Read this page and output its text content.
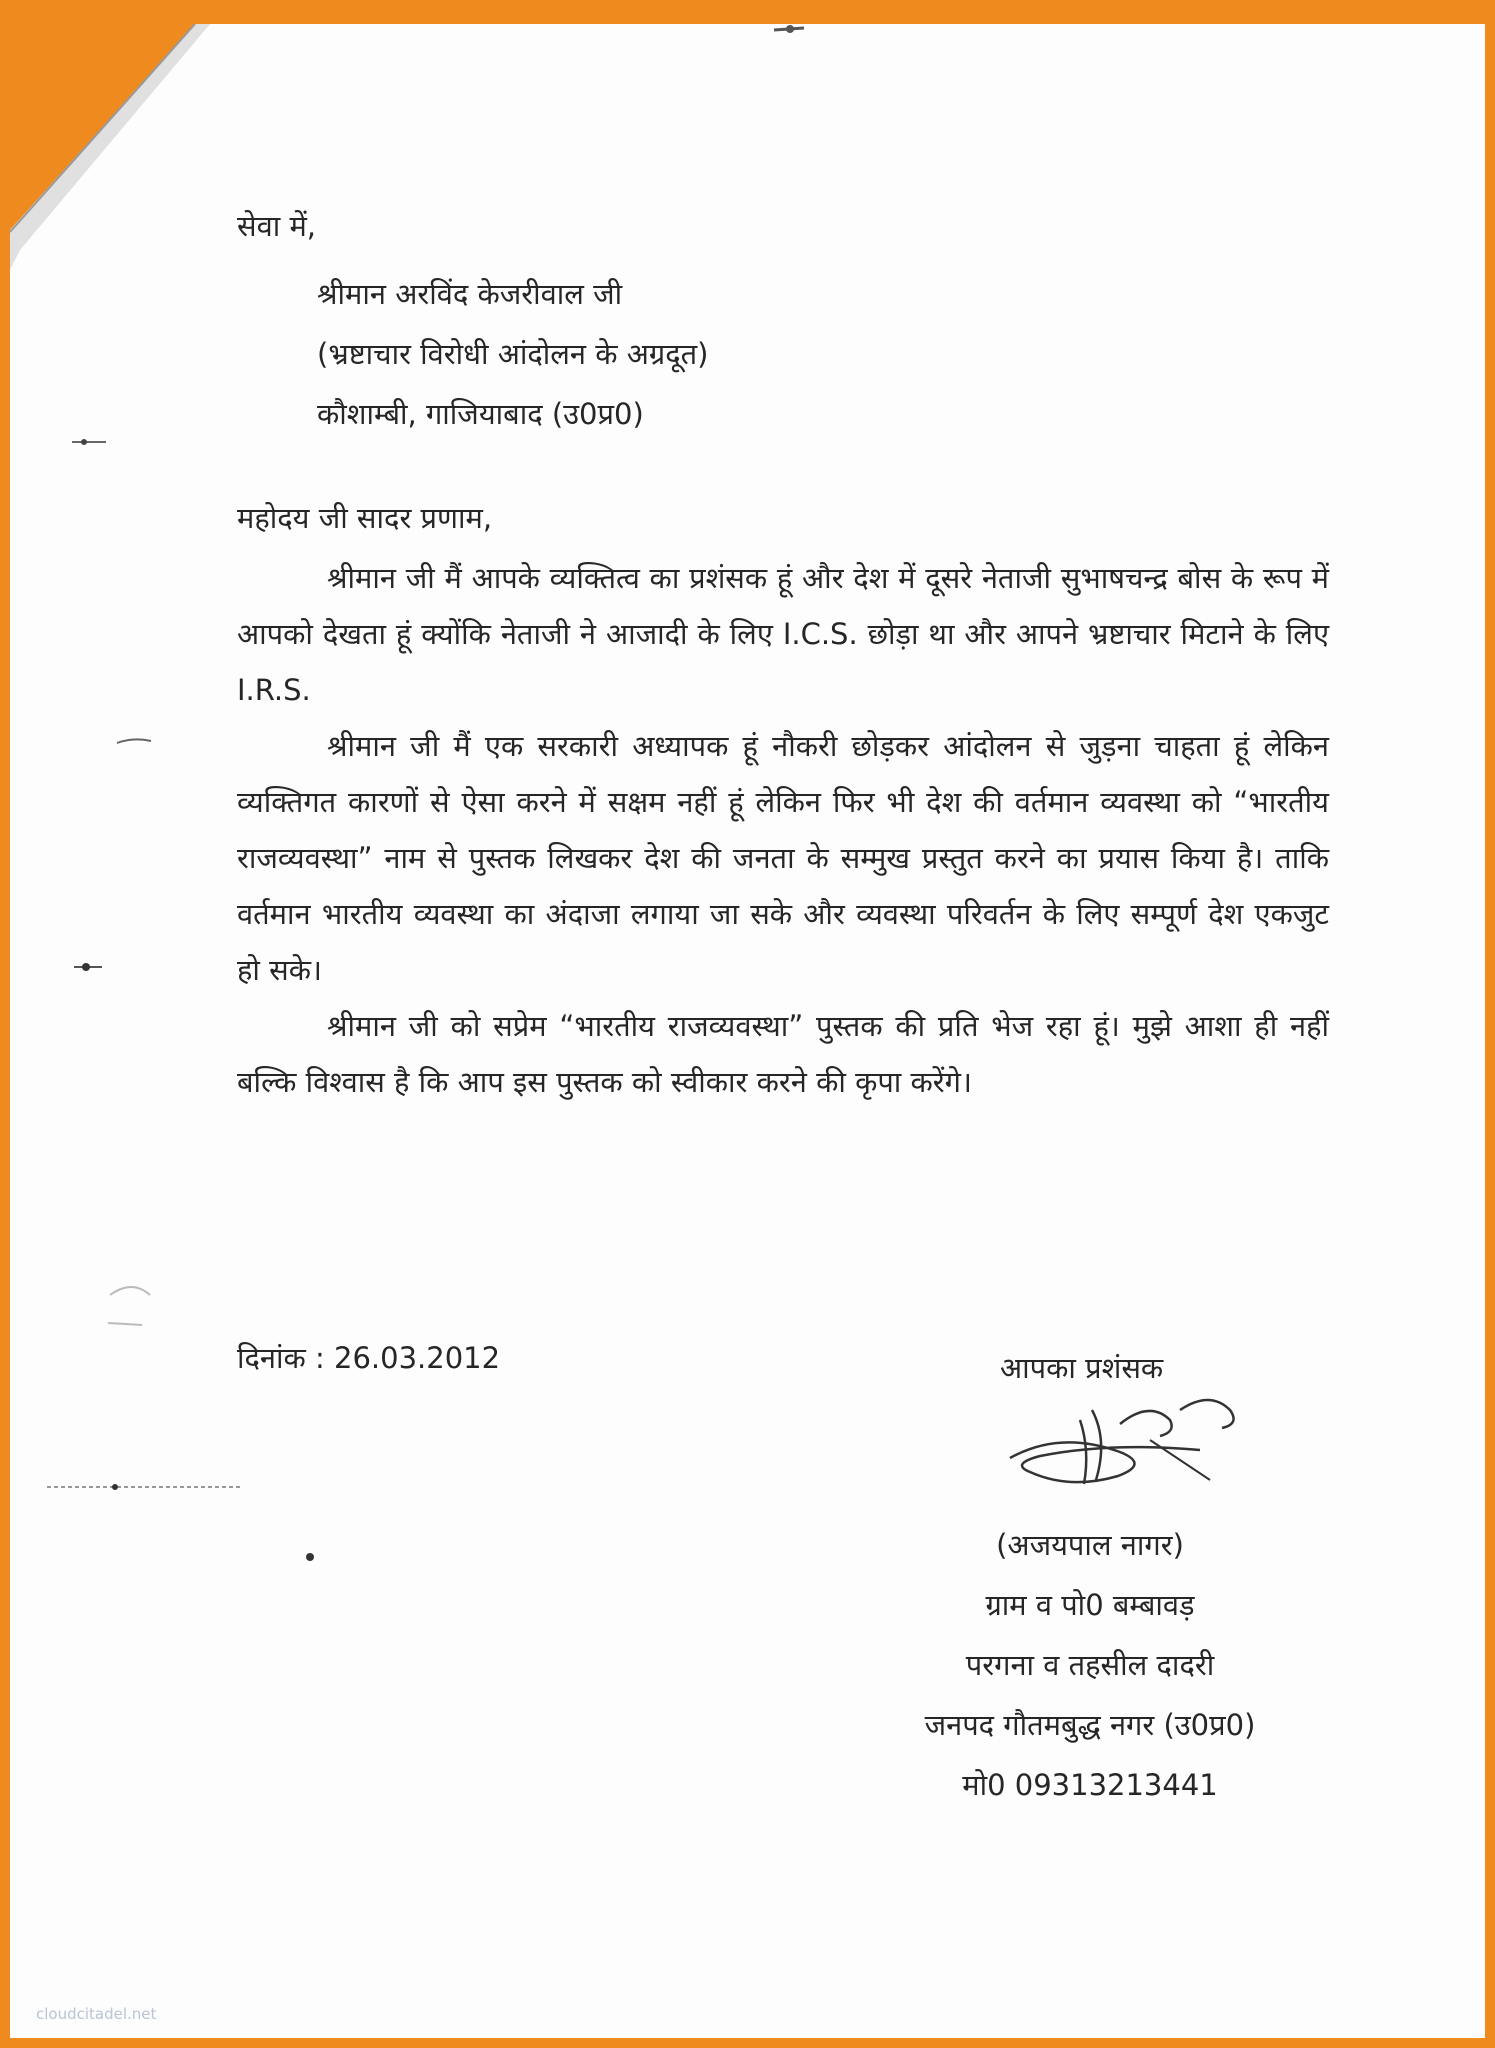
सेवा में,
श्रीमान अरविंद केजरीवाल जी
(भ्रष्टाचार विरोधी आंदोलन के अग्रदूत)
कौशाम्बी, गाजियाबाद (उ0प्र0)
महोदय जी सादर प्रणाम,

श्रीमान जी मैं आपके व्यक्तित्व का प्रशंसक हूं और देश में दूसरे नेताजी सुभाषचन्द्र बोस के रूप में आपको देखता हूं क्योंकि नेताजी ने आजादी के लिए I.C.S. छोड़ा था और आपने भ्रष्टाचार मिटाने के लिए I.R.S.

श्रीमान जी मैं एक सरकारी अध्यापक हूं नौकरी छोड़कर आंदोलन से जुड़ना चाहता हूं लेकिन व्यक्तिगत कारणों से ऐसा करने में सक्षम नहीं हूं लेकिन फिर भी देश की वर्तमान व्यवस्था को “भारतीय राजव्यवस्था” नाम से पुस्तक लिखकर देश की जनता के सम्मुख प्रस्तुत करने का प्रयास किया है। ताकि वर्तमान भारतीय व्यवस्था का अंदाजा लगाया जा सके और व्यवस्था परिवर्तन के लिए सम्पूर्ण देश एकजुट हो सके।

श्रीमान जी को सप्रेम “भारतीय राजव्यवस्था” पुस्तक की प्रति भेज रहा हूं। मुझे आशा ही नहीं बल्कि विश्वास है कि आप इस पुस्तक को स्वीकार करने की कृपा करेंगे।

दिनांक : 26.03.2012	आपका प्रशंसक
(अजयपाल नागर)
ग्राम व पो0 बम्बावड़
परगना व तहसील दादरी
जनपद गौतमबुद्ध नगर (उ0प्र0)
मो0 09313213441
cloudcitadel.net
